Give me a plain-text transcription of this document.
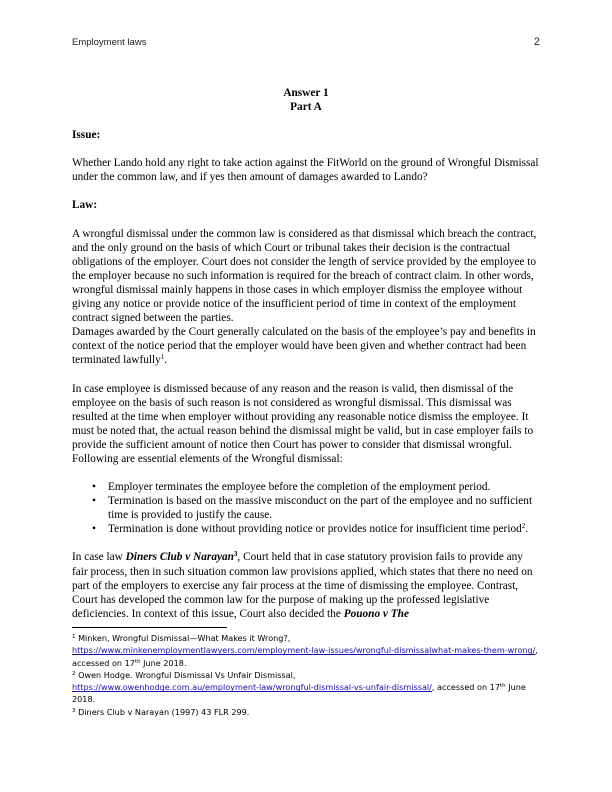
Employment laws	2

Answer 1

Part A

Issue:

Whether Lando hold any right to take action against the FitWorld on the ground of Wrongful Dismissal under the common law, and if yes then amount of damages awarded to Lando?

Law:

A wrongful dismissal under the common law is considered as that dismissal which breach the contract, and the only ground on the basis of which Court or tribunal takes their decision is the contractual obligations of the employer. Court does not consider the length of service provided by the employee to the employer because no such information is required for the breach of contract claim. In other words, wrongful dismissal mainly happens in those cases in which employer dismiss the employee without giving any notice or provide notice of the insufficient period of time in context of the employment contract signed between the parties.

Damages awarded by the Court generally calculated on the basis of the employee’s pay and benefits in context of the notice period that the employer would have been given and whether contract had been terminated lawfully$^1$.

In case employee is dismissed because of any reason and the reason is valid, then dismissal of the employee on the basis of such reason is not considered as wrongful dismissal. This dismissal was resulted at the time when employer without providing any reasonable notice dismiss the employee. It must be noted that, the actual reason behind the dismissal might be valid, but in case employer fails to provide the sufficient amount of notice then Court has power to consider that dismissal wrongful. Following are essential elements of the Wrongful dismissal:

• Employer terminates the employee before the completion of the employment period.
• Termination is based on the massive misconduct on the part of the employee and no sufficient time is provided to justify the cause.
• Termination is done without providing notice or provides notice for insufficient time period$^2$.

In case law Diners Club v Narayan$^3$, Court held that in case statutory provision fails to provide any fair process, then in such situation common law provisions applied, which states that there no need on part of the employers to exercise any fair process at the time of dismissing the employee. Contrast, Court has developed the common law for the purpose of making up the professed legislative deficiencies. In context of this issue, Court also decided the Pouono v The

$^1$ Minken, Wrongful Dismissal—What Makes it Wrong?,
https://www.minkenemploymentlawyers.com/employment-law-issues/wrongful-dismissalwhat-makes-them-wrong/, accessed on 17th June 2018.
$^2$ Owen Hodge. Wrongful Dismissal Vs Unfair Dismissal,
https://www.owenhodge.com.au/employment-law/wrongful-dismissal-vs-unfair-dismissal/, accessed on 17th June 2018.
$^3$ Diners Club v Narayan (1997) 43 FLR 299.
